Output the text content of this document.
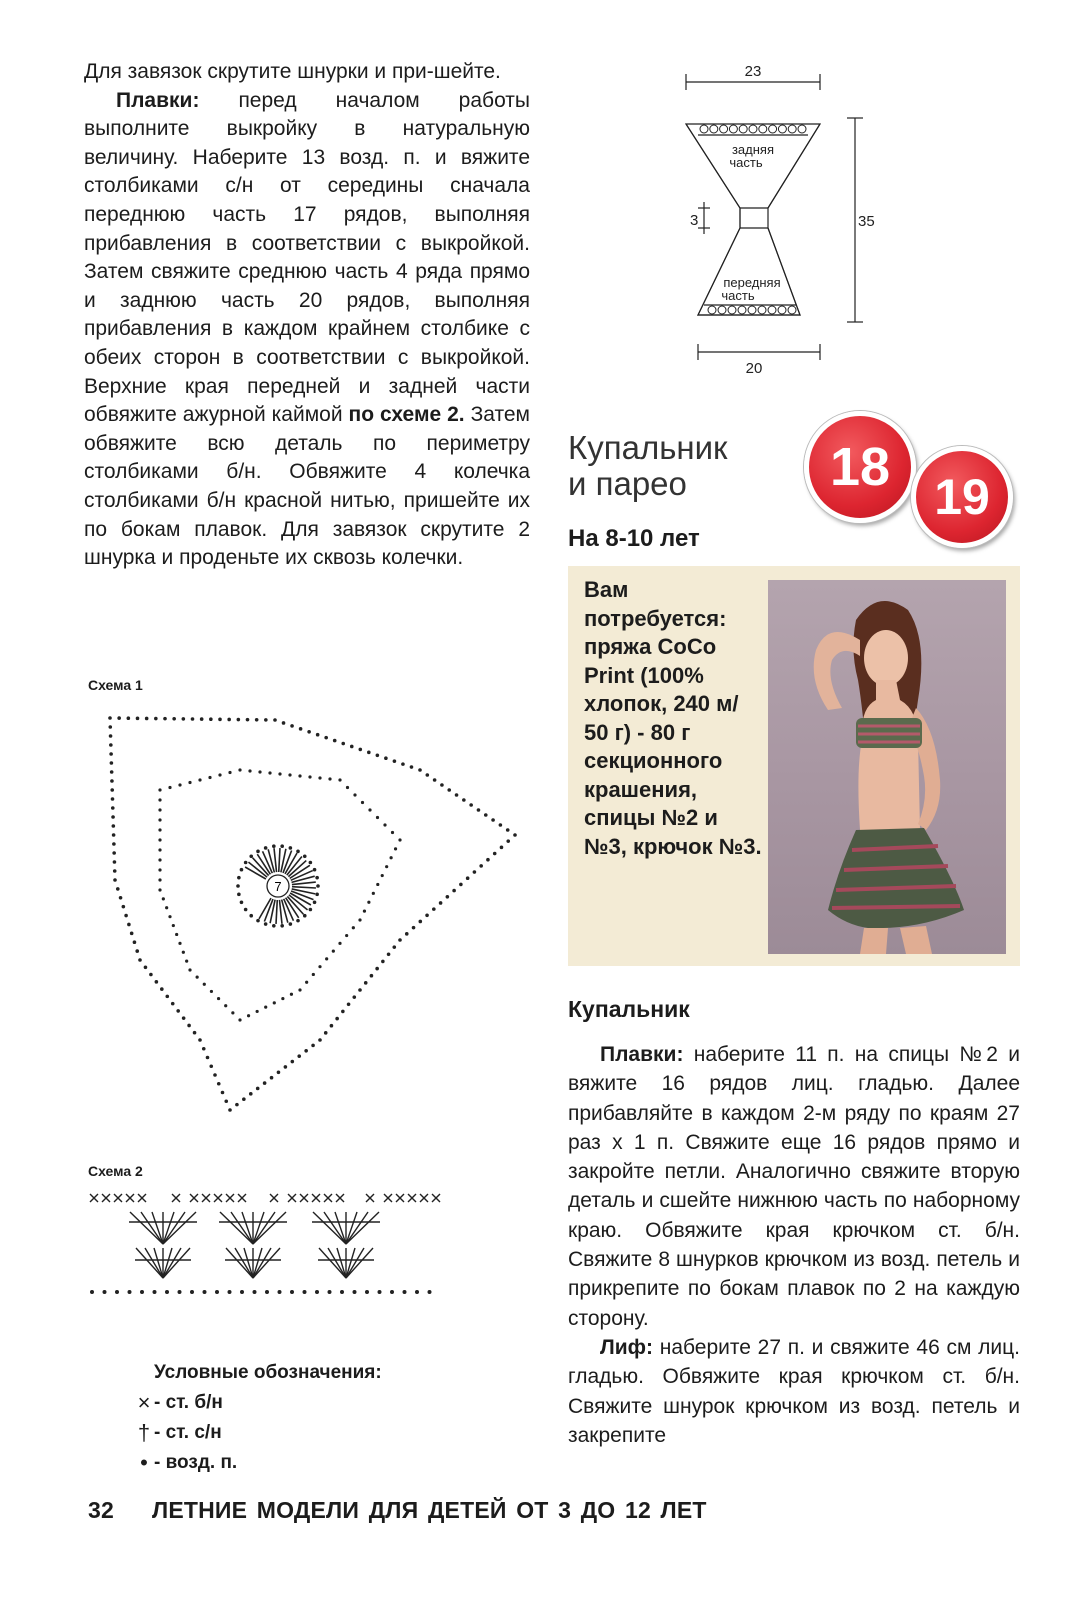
Для завязок скрутите шнурки и при-шейте.

Плавки: перед началом работы выполните выкройку в натуральную величину. Наберите 13 возд. п. и вяжите столбиками с/н от середины сначала переднюю часть 17 рядов, выполняя прибавления в соответствии с выкройкой. Затем свяжите среднюю часть 4 ряда прямо и заднюю часть 20 рядов, выполняя прибавления в каждом крайнем столбике с обеих сторон в соответствии с выкройкой. Верхние края передней и задней части обвяжите ажурной каймой по схеме 2. Затем обвяжите всю деталь по периметру столбиками б/н. Обвяжите 4 колечка столбиками б/н красной нитью, пришейте их по бокам плавок. Для завязок скрутите 2 шнурка и проденьте их сквозь колечки.

Схема 1
7
Схема 2
Условные обозначения:
× - ст. б/н
† - ст. с/н
• - возд. п.
32 ЛЕТНИЕ МОДЕЛИ ДЛЯ ДЕТЕЙ ОТ 3 ДО 12 ЛЕТ
23
задняя
часть
3	35
передняя
часть
20
Купальник
и парео	18 19
На 8-10 лет
Вам потребуется: пряжа CoCo Print (100% хлопок, 240 м/ 50 г) - 80 г секционного крашения, спицы №2 и №3, крючок №3.
Купальник

Плавки: наберите 11 п. на спицы №2 и вяжите 16 рядов лиц. гладью. Далее прибавляйте в каждом 2-м ряду по краям 27 раз х 1 п. Свяжите еще 16 рядов прямо и закройте петли. Аналогично свяжите вторую деталь и сшейте нижнюю часть по наборному краю. Обвяжите края крючком ст. б/н. Свяжите 8 шнурков крючком из возд. петель и прикрепите по бокам плавок по 2 на каждую сторону.

Лиф: наберите 27 п. и свяжите 46 см лиц. гладью. Обвяжите края крючком ст. б/н. Свяжите шнурок крючком из возд. петель и закрепите
